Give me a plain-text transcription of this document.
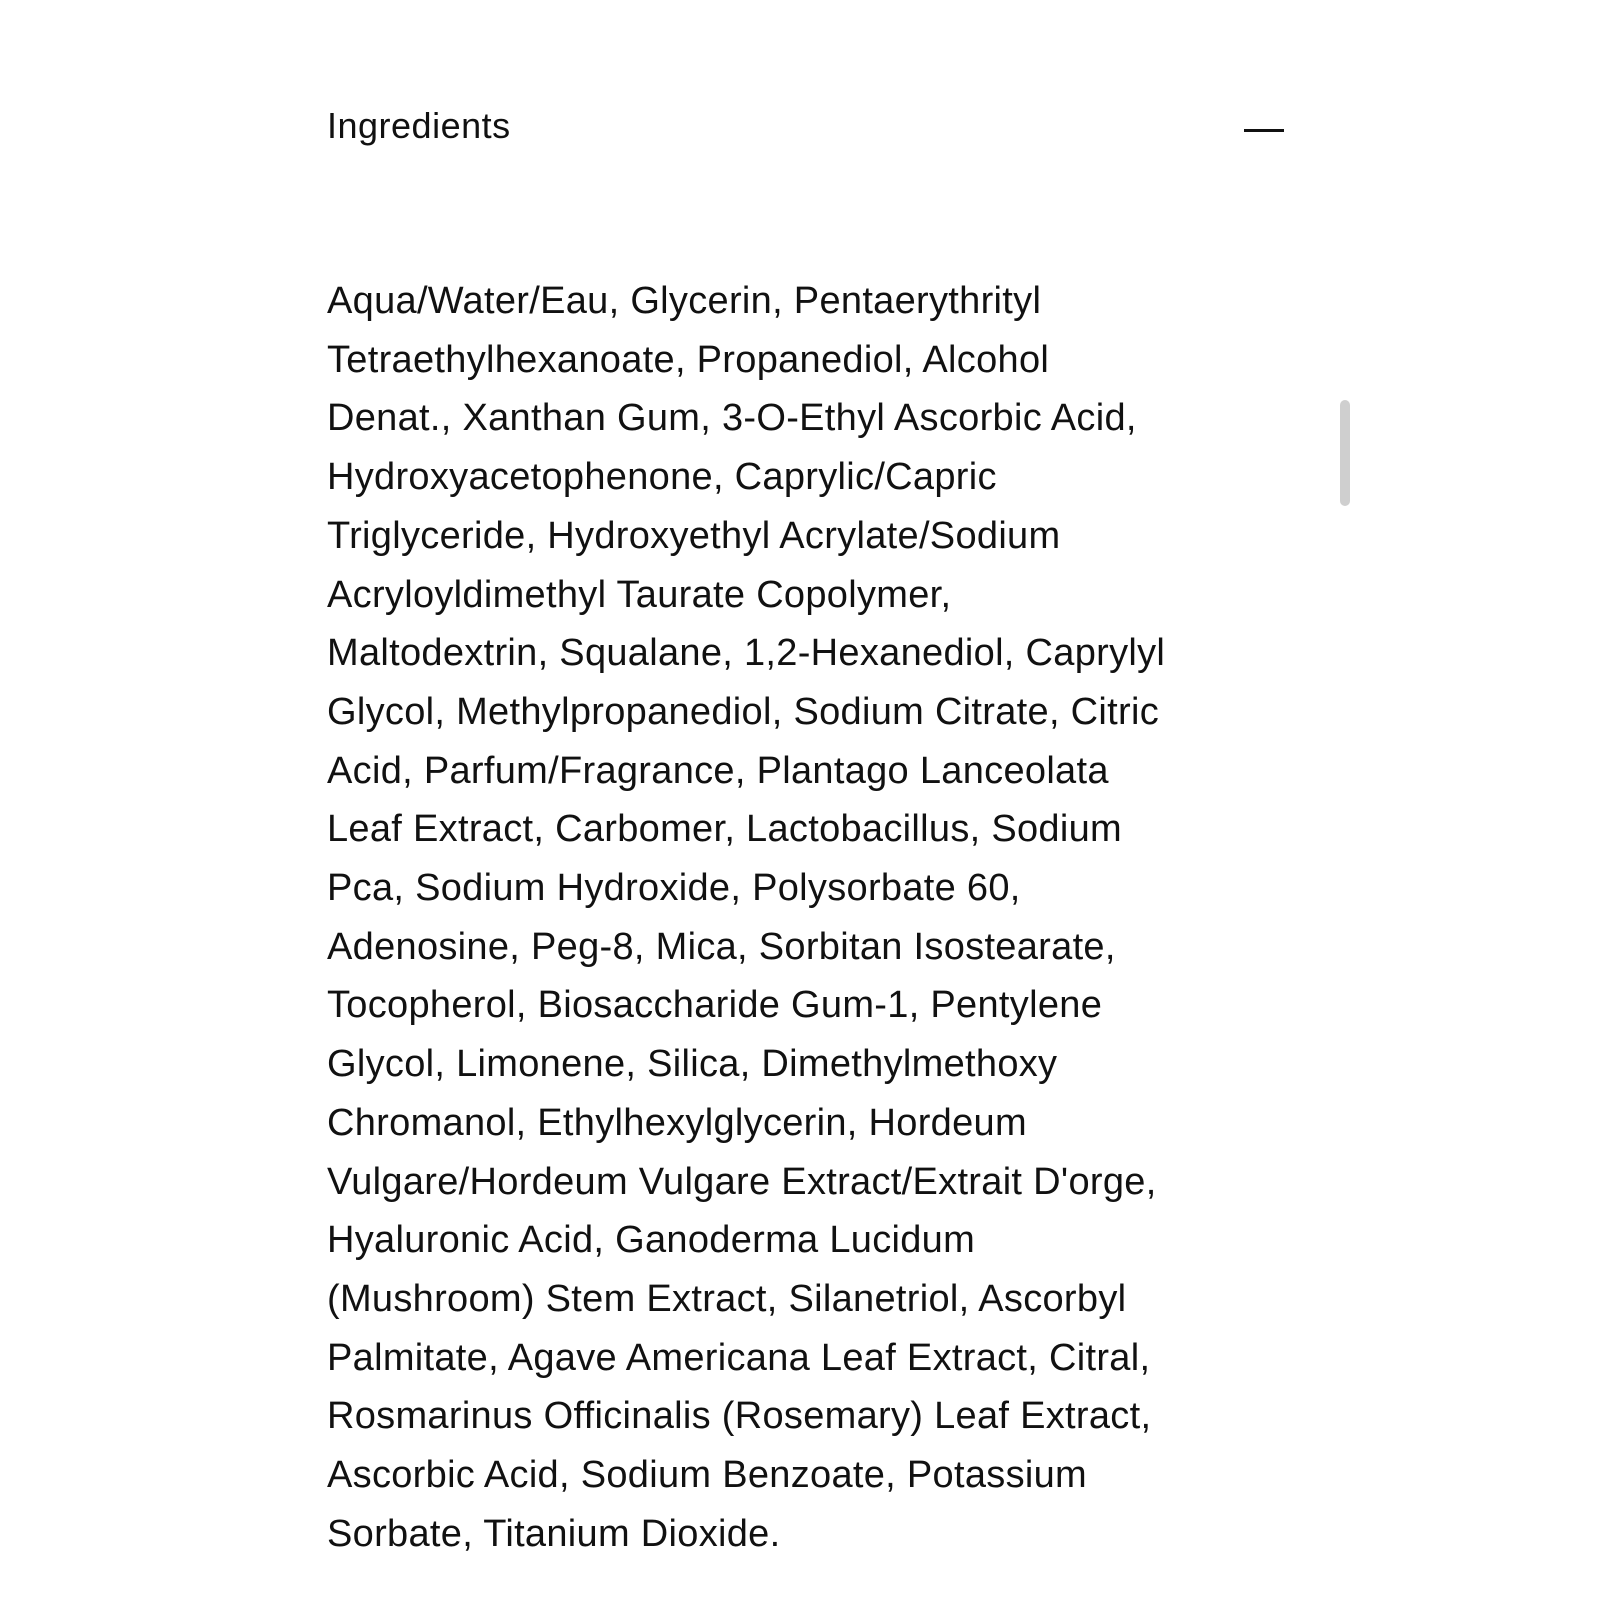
Ingredients
Aqua/Water/Eau, Glycerin, Pentaerythrityl
Tetraethylhexanoate, Propanediol, Alcohol
Denat., Xanthan Gum, 3-O-Ethyl Ascorbic Acid,
Hydroxyacetophenone, Caprylic/Capric
Triglyceride, Hydroxyethyl Acrylate/Sodium
Acryloyldimethyl Taurate Copolymer,
Maltodextrin, Squalane, 1,2-Hexanediol, Caprylyl
Glycol, Methylpropanediol, Sodium Citrate, Citric
Acid, Parfum/Fragrance, Plantago Lanceolata
Leaf Extract, Carbomer, Lactobacillus, Sodium
Pca, Sodium Hydroxide, Polysorbate 60,
Adenosine, Peg-8, Mica, Sorbitan Isostearate,
Tocopherol, Biosaccharide Gum-1, Pentylene
Glycol, Limonene, Silica, Dimethylmethoxy
Chromanol, Ethylhexylglycerin, Hordeum
Vulgare/Hordeum Vulgare Extract/Extrait D'orge,
Hyaluronic Acid, Ganoderma Lucidum
(Mushroom) Stem Extract, Silanetriol, Ascorbyl
Palmitate, Agave Americana Leaf Extract, Citral,
Rosmarinus Officinalis (Rosemary) Leaf Extract,
Ascorbic Acid, Sodium Benzoate, Potassium
Sorbate, Titanium Dioxide.
